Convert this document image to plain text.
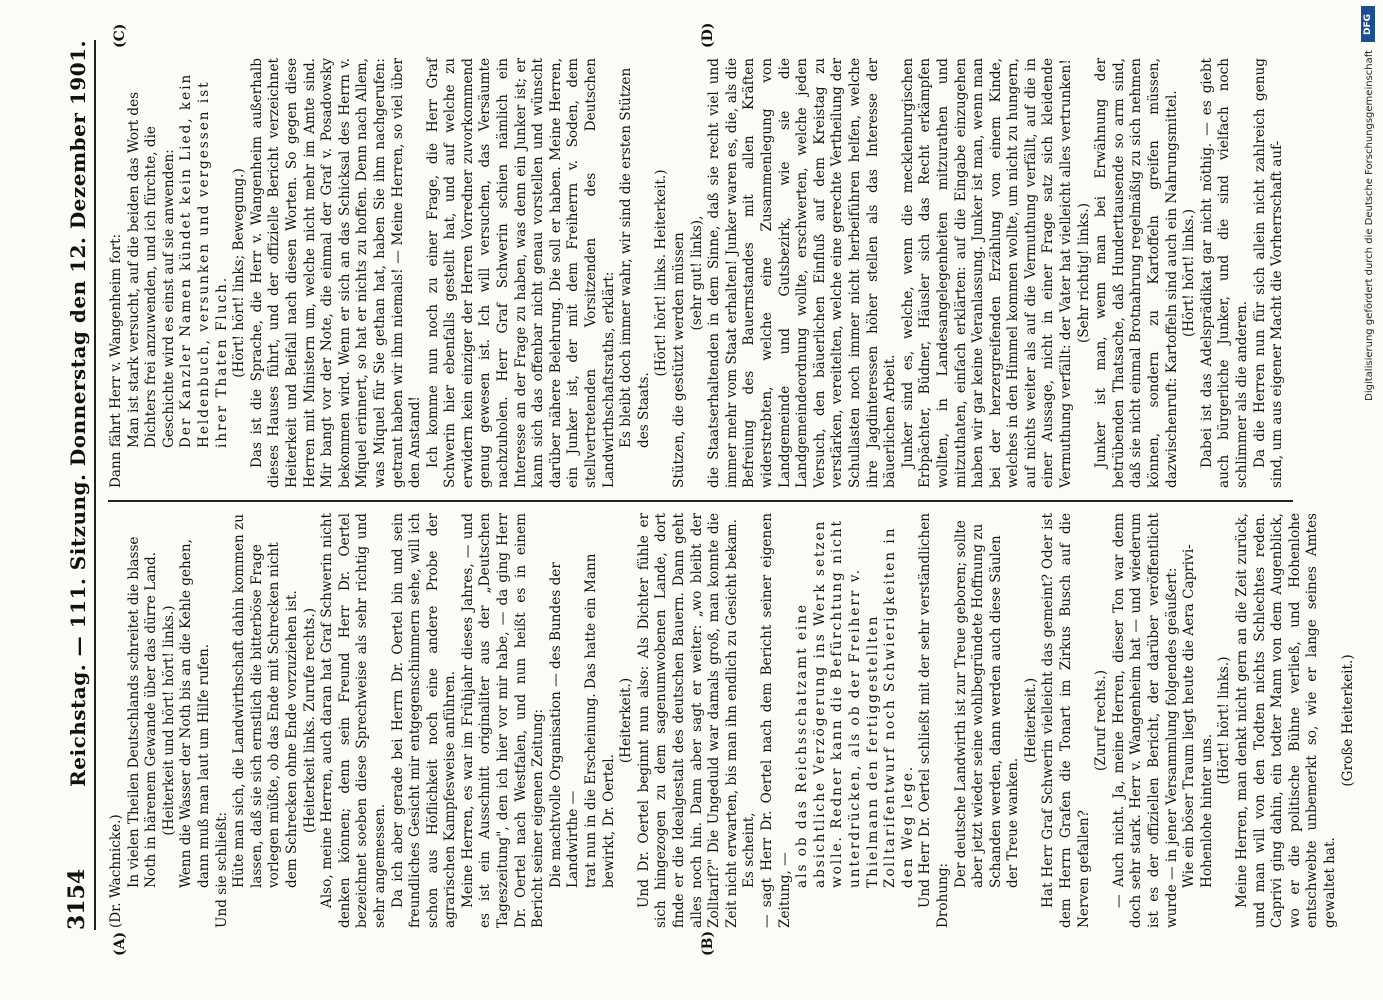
3154
Reichstag. — 111. Sitzung. Donnerstag den 12. Dezember 1901.
(A)	(B)
(C)	(D)

(Dr. Wachnicke.) In vielen Theilen Deutschlands schreitet die blasse Noth in härenem Gewande über das dürre Land. (Heiterkeit und hört! hört! links.) Wenn die Wasser der Noth bis an die Kehle gehen, dann muß man laut um Hilfe rufen. Und sie schließt: Hüte man sich, die Landwirthschaft dahin kommen zu lassen, daß sie sich ernstlich die bitterböse Frage vorlegen müßte, ob das Ende mit Schrecken nicht dem Schrecken ohne Ende vorzuziehen ist. (Heiterkeit links. Zurufe rechts.) Also, meine Herren, auch daran hat Graf Schwerin nicht denken können; denn sein Freund Herr Dr. Oertel bezeichnet soeben diese Sprechweise als sehr richtig und sehr angemessen. Da ich aber gerade bei Herrn Dr. Oertel bin und sein freundliches Gesicht mir entgegenschimmern sehe, will ich schon aus Höflichkeit noch eine andere Probe der agrarischen Kampfesweise anführen. Meine Herren, es war im Frühjahr dieses Jahres, — und es ist ein Ausschnitt originaliter aus der „Deutschen Tageszeitung", den ich hier vor mir habe, — da ging Herr Dr. Oertel nach Westfalen, und nun heißt es in einem Bericht seiner eigenen Zeitung: Die machtvolle Organisation — des Bundes der Landwirthe — trat nun in die Erscheinung. Das hatte ein Mann bewirkt, Dr. Oertel.

(Heiterkeit.) Und Dr. Oertel beginnt nun also: Als Dichter fühle er sich hingezogen zu dem sagenumwobenen Lande, dort finde er die Idealgestalt des deutschen Bauern. Dann geht alles noch hin. Dann aber sagt er weiter: „wo bleibt der Zolltarif?" Die Ungeduld war damals groß, man konnte die Zeit nicht erwarten, bis man ihn endlich zu Gesicht bekam. Es scheint, — sagt Herr Dr. Oertel nach dem Bericht seiner eigenen Zeitung, —

als ob das Reichsschatzamt eine absichtliche Verzögerung ins Werk setzen wolle. Redner kann die Befürchtung nicht unterdrücken, als ob der Freiherr v. Thielmann den fertiggestellten Zolltarifentwurf noch Schwierigkeiten in den Weg lege. Und Herr Dr. Oertel schließt mit der sehr verständlichen Drohung:

Der deutsche Landwirth ist zur Treue geboren; sollte aber jetzt wieder seine wohlbegründete Hoffnung zu Schanden werden, dann werden auch diese Säulen der Treue wanken.

(Heiterkeit.) Hat Herr Graf Schwerin vielleicht das gemeint? Oder ist dem Herrn Grafen die Tonart im Zirkus Busch auf die Nerven gefallen?

(Zuruf rechts.) — Auch nicht. Ja, meine Herren, dieser Ton war denn doch sehr stark. Herr v. Wangenheim hat — und wiederum ist es der offiziellen Bericht, der darüber veröffentlicht wurde — in jener Versammlung folgendes geäußert: Wie ein böser Traum liegt heute die Aera Caprivi-Hohenlohe hinter uns.

(Hört! hört! links.) Meine Herren, man denkt nicht gern an die Zeit zurück, und man will von den Todten nichts Schlechtes reden. Caprivi ging dahin, ein todter Mann von dem Augenblick, wo er die politische Bühne verließ, und Hohenlohe entschwebte unbemerkt so, wie er lange seines Amtes gewaltet hat.

(Große Heiterkeit.)

Dann fährt Herr v. Wangenheim fort: Man ist stark versucht, auf die beiden das Wort des Dichters frei anzuwenden, und ich fürchte, die Geschichte wird es einst auf sie anwenden: Der Kanzler Namen kündet kein Lied, kein Heldenbuch, versunken und vergessen ist ihrer Thaten Fluch. (Hört! hört! links; Bewegung.) Das ist die Sprache, die Herr v. Wangenheim außerhalb dieses Hauses führt, und der offizielle Bericht verzeichnet Heiterkeit und Beifall nach diesen Worten. So gegen diese Herren mit Ministern um, welche nicht mehr im Amte sind. Mir bangt vor der Note, die einmal der Graf v. Posadowsky bekommen wird. Wenn er sich an das Schicksal des Herrn v. Miquel erinnert, so hat er nichts zu hoffen. Denn nach Allem, was Miquel für Sie gethan hat, haben Sie ihm nachgerufen: getrant haben wir ihm niemals! — Meine Herren, so viel über den Anstand! Ich komme nun noch zu einer Frage, die Herr Graf Schwerin hier ebenfalls gestellt hat, und auf welche zu erwidern kein einziger der Herren Vorredner zuvorkommend genug gewesen ist. Ich will versuchen, das Versäumte nachzuholen. Herr Graf Schwerin schien nämlich ein Interesse an der Frage zu haben, was denn ein Junker ist; er kann sich das offenbar nicht genau vorstellen und wünscht darüber nähere Belehrung. Die soll er haben. Meine Herren, ein Junker ist, der mit dem Freiherrn v. Soden, dem stellvertretenden Vorsitzenden des Deutschen Landwirthschaftsraths, erklärt: Es bleibt doch immer wahr, wir sind die ersten Stützen des Staats.

(Hört! hört! links. Heiterkeit.) Stützen, die gestützt werden müssen (sehr gut! links), die Staatserhaltenden in dem Sinne, daß sie recht viel und immer mehr vom Staat erhalten! Junker waren es, die, als die Befreiung des Bauernstandes mit allen Kräften widerstrebten, welche eine Zusammenlegung von Landgemeinde und Gutsbezirk, wie sie die Landgemeindeordnung wollte, erschwerten, welche jeden Versuch, den bäuerlichen Einfluß auf dem Kreistag zu verstärken, vereitelten, welche eine gerechte Vertheilung der Schullasten noch immer nicht herbeiführen helfen, welche ihre Jagdinteressen höher stellen als das Interesse der bäuerlichen Arbeit. Junker sind es, welche, wenn die mecklenburgischen Erbpächter, Büdner, Häusler sich das Recht erkämpfen wollten, in Landesangelegenheiten mitzurathen und mitzuthaten, einfach erklärten: auf die Eingabe einzugehen haben wir gar keine Veranlassung. Junker ist man, wenn man bei der herzergreifenden Erzählung von einem Kinde, welches in den Himmel kommen wollte, um nicht zu hungern, auf nichts weiter als auf die Vermuthung verfällt, auf die in einer Aussage, nicht in einer Frage satz sich kleidende Vermuthung verfällt: der Vater hat vielleicht alles vertrunken! (Sehr richtig! links.) Junker ist man, wenn man bei Erwähnung der betrübenden Thatsache, daß Hunderttausende so arm sind, daß sie nicht einmal Brotnahrung regelmäßig zu sich nehmen können, sondern zu Kartoffeln greifen müssen, dazwischenruft: Kartoffeln sind auch ein Nahrungsmittel. (Hört! hört! links.) Dabei ist das Adelsprädikat gar nicht nöthig. — es giebt auch bürgerliche Junker, und die sind vielfach noch schlimmer als die anderen. Da die Herren nun für sich allein nicht zahlreich genug sind, um aus eigener Macht die Vorherrschaft auf-

DFG
Digitalisierung gefördert durch die Deutsche Forschungsgemeinschaft
